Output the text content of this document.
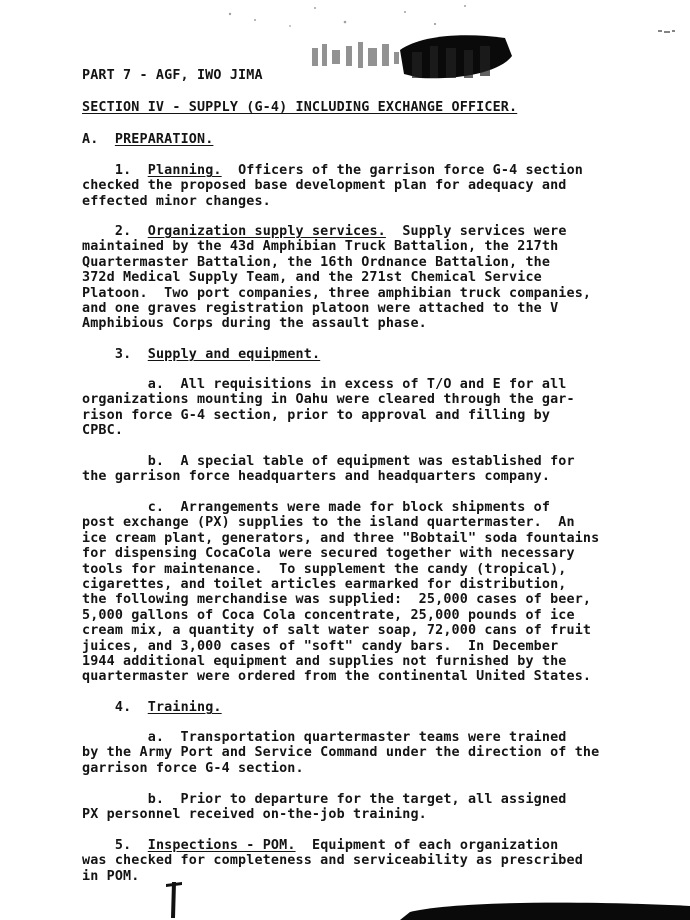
PART 7 - AGF, IWO JIMA
SECTION IV - SUPPLY (G-4) INCLUDING EXCHANGE OFFICER.
A. PREPARATION.
1. Planning. Officers of the garrison force G-4 section
checked the proposed base development plan for adequacy and
effected minor changes.
2. Organization supply services. Supply services were
maintained by the 43d Amphibian Truck Battalion, the 217th
Quartermaster Battalion, the 16th Ordnance Battalion, the
372d Medical Supply Team, and the 271st Chemical Service
Platoon.  Two port companies, three amphibian truck companies,
and one graves registration platoon were attached to the V
Amphibious Corps during the assault phase.
3. Supply and equipment.
a.  All requisitions in excess of T/O and E for all
organizations mounting in Oahu were cleared through the gar-
rison force G-4 section, prior to approval and filling by
CPBC.
b.  A special table of equipment was established for
the garrison force headquarters and headquarters company.
c.  Arrangements were made for block shipments of
post exchange (PX) supplies to the island quartermaster.  An
ice cream plant, generators, and three "Bobtail" soda fountains
for dispensing CocaCola were secured together with necessary
tools for maintenance.  To supplement the candy (tropical),
cigarettes, and toilet articles earmarked for distribution,
the following merchandise was supplied:  25,000 cases of beer,
5,000 gallons of Coca Cola concentrate, 25,000 pounds of ice
cream mix, a quantity of salt water soap, 72,000 cans of fruit
juices, and 3,000 cases of "soft" candy bars.  In December
1944 additional equipment and supplies not furnished by the
quartermaster were ordered from the continental United States.
4. Training.
a.  Transportation quartermaster teams were trained
by the Army Port and Service Command under the direction of the
garrison force G-4 section.
b.  Prior to departure for the target, all assigned
PX personnel received on-the-job training.
5. Inspections - POM. Equipment of each organization
was checked for completeness and serviceability as prescribed
in POM.
